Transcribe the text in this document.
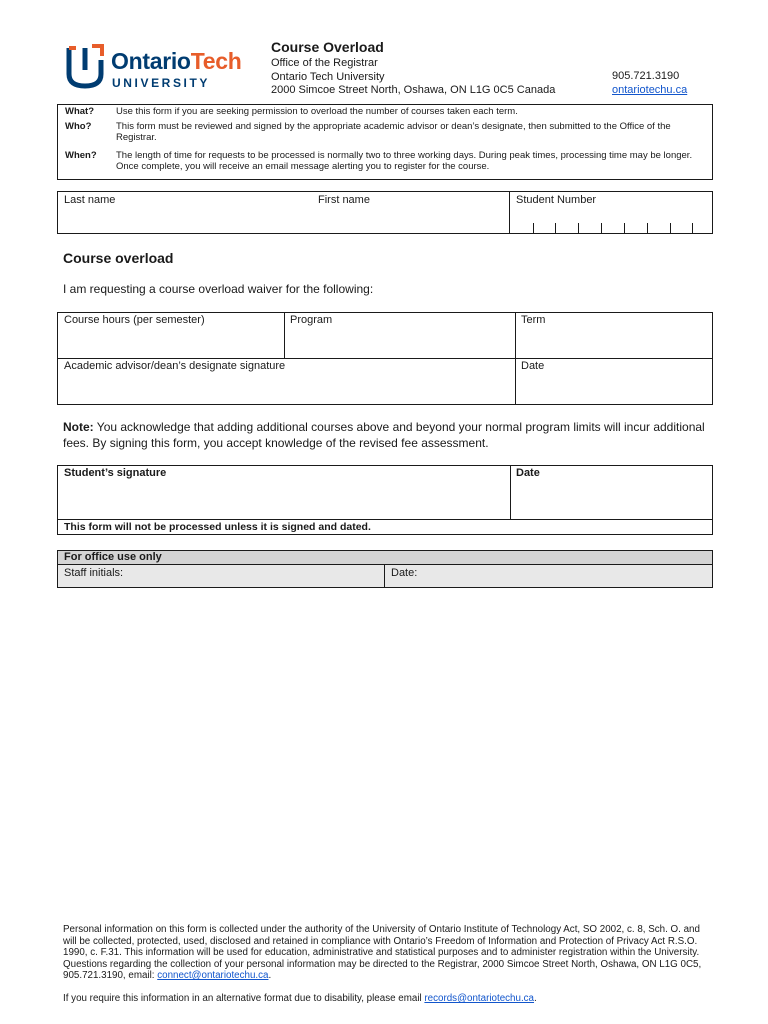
OntarioTech
UNIVERSITY
Course Overload
Office of the Registrar
Ontario Tech University
2000 Simcoe Street North, Oshawa, ON L1G 0C5 Canada
905.721.3190
ontariotechu.ca
What? Use this form if you are seeking permission to overload the number of courses taken each term.
Who?	This form must be reviewed and signed by the appropriate academic advisor or dean’s designate, then submitted to the Office of the Registrar.
When? The length of time for requests to be processed is normally two to three working days. During peak times, processing time may be longer. Once complete, you will receive an email message alerting you to register for the course.
Last name	First name	Student Number
Course overload
I am requesting a course overload waiver for the following:
Course hours (per semester)	Program	Term
Academic advisor/dean’s designate signature	Date
Note: You acknowledge that adding additional courses above and beyond your normal program limits will incur additional fees. By signing this form, you accept knowledge of the revised fee assessment.
Student’s signature	Date
This form will not be processed unless it is signed and dated.
For office use only
Staff initials:	Date:
Personal information on this form is collected under the authority of the University of Ontario Institute of Technology Act, SO 2002, c. 8, Sch. O. and will be collected, protected, used, disclosed and retained in compliance with Ontario’s Freedom of Information and Protection of Privacy Act R.S.O. 1990, c. F.31. This information will be used for education, administrative and statistical purposes and to administer registration within the University. Questions regarding the collection of your personal information may be directed to the Registrar, 2000 Simcoe Street North, Oshawa, ON L1G 0C5, 905.721.3190, email: connect@ontariotechu.ca.
If you require this information in an alternative format due to disability, please email records@ontariotechu.ca.
